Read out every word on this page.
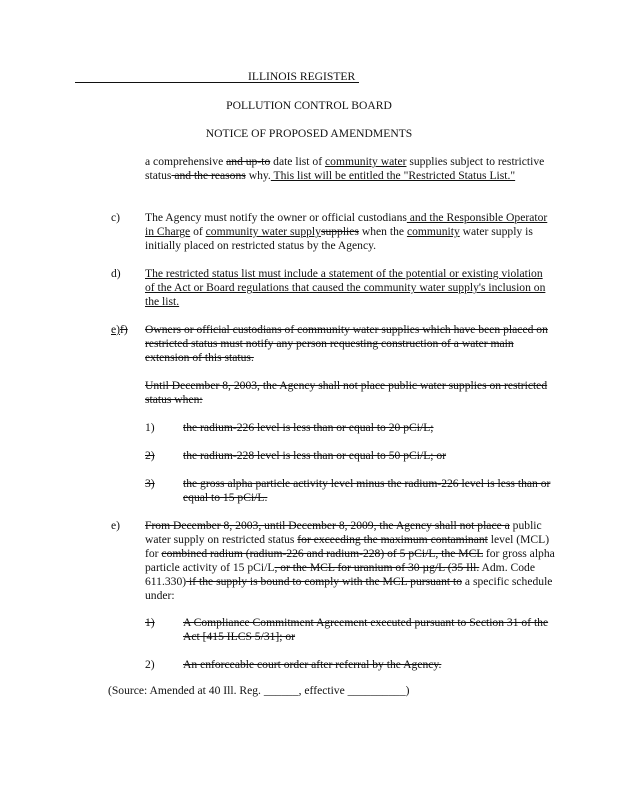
ILLINOIS REGISTER
POLLUTION CONTROL BOARD
NOTICE OF PROPOSED AMENDMENTS
a comprehensive and up-to date list of community water supplies subject to restrictive status and the reasons why. This list will be entitled the "Restricted Status List."
c)	The Agency must notify the owner or official custodians and the Responsible Operator in Charge of community water supplysupplies when the community water supply is initially placed on restricted status by the Agency.
d)	The restricted status list must include a statement of the potential or existing violation of the Act or Board regulations that caused the community water supply's inclusion on the list.
e)f)	Owners or official custodians of community water supplies which have been placed on restricted status must notify any person requesting construction of a water main extension of this status.
Until December 8, 2003, the Agency shall not place public water supplies on restricted status when:
1)	the radium-226 level is less than or equal to 20 pCi/L;
2)	the radium-228 level is less than or equal to 50 pCi/L; or
3)	the gross alpha particle activity level minus the radium-226 level is less than or equal to 15 pCi/L.
e)	From December 8, 2003, until December 8, 2009, the Agency shall not place a public water supply on restricted status for exceeding the maximum contaminant level (MCL) for combined radium (radium-226 and radium-228) of 5 pCi/L, the MCL for gross alpha particle activity of 15 pCi/L, or the MCL for uranium of 30 µg/L (35 Ill. Adm. Code 611.330) if the supply is bound to comply with the MCL pursuant to a specific schedule under:
1)	A Compliance Commitment Agreement executed pursuant to Section 31 of the Act [415 ILCS 5/31]; or
2)	An enforceable court order after referral by the Agency.
(Source: Amended at 40 Ill. Reg. ______, effective __________)
